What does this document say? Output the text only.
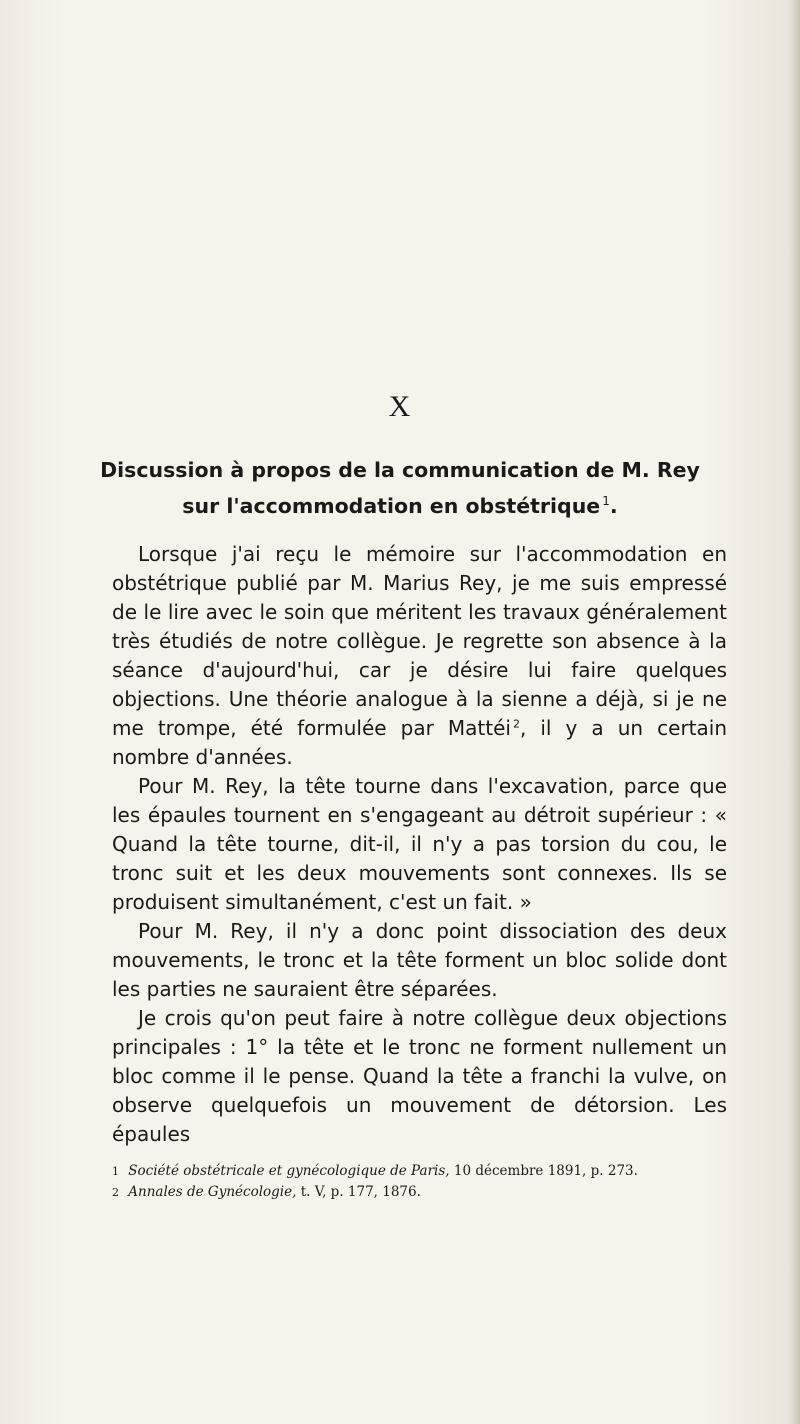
X
Discussion à propos de la communication de M. Rey
sur l'accommodation en obstétrique  $^1$.

Lorsque j'ai reçu le mémoire sur l'accommodation en obstétrique publié par M. Marius Rey, je me suis empressé de le lire avec le soin que méritent les travaux généralement très étudiés de notre collègue. Je regrette son absence à la séance d'aujourd'hui, car je désire lui faire quelques objections. Une théorie analogue à la sienne a déjà, si je ne me trompe, été formulée par Mattéi  $^2$, il y a un certain nombre d'années.

Pour M. Rey, la tête tourne dans l'excavation, parce que les épaules tournent en s'engageant au détroit supérieur : « Quand la tête tourne, dit-il, il n'y a pas torsion du cou, le tronc suit et les deux mouvements sont connexes. Ils se produisent simultanément, c'est un fait. »

Pour M. Rey, il n'y a donc point dissociation des deux mouvements, le tronc et la tête forment un bloc solide dont les parties ne sauraient être séparées.

Je crois qu'on peut faire à notre collègue deux objections principales : 1° la tête et le tronc ne forment nullement un bloc comme il le pense. Quand la tête a franchi la vulve, on observe quelquefois un mouvement de détorsion. Les épaules

1 Société obstétricale et gynécologique de Paris, 10 décembre 1891, p. 273.

2 Annales de Gynécologie, t. V, p. 177, 1876.
